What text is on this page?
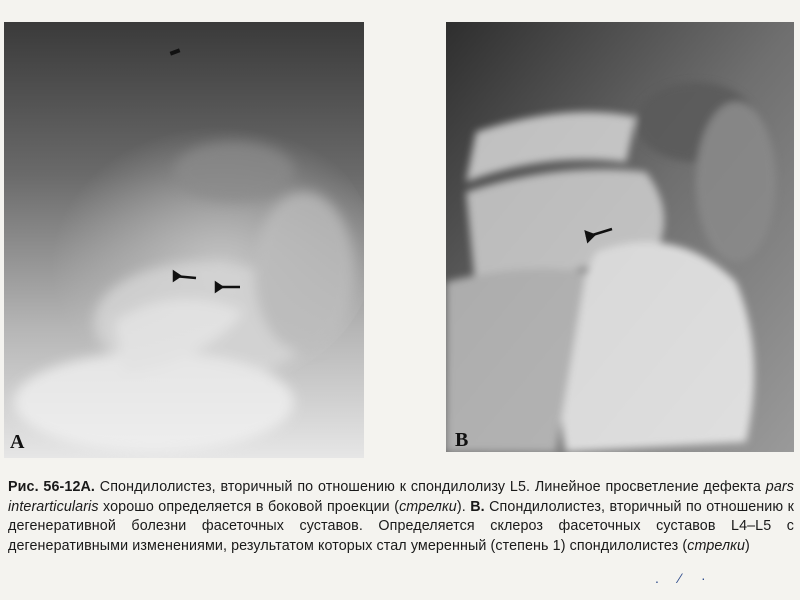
A	B
Рис. 56-12A. Спондилолистез, вторичный по отношению к спондилолизу L5. Линейное просветление дефекта pars interarticularis хорошо определяется в боковой проекции (стрелки). B. Спондилолистез, вторичный по отношению к дегенеративной болезни фасеточных суставов. Определяется склероз фасеточных суставов L4–L5 с дегенеративными изменениями, результатом которых стал умеренный (степень 1) спондилолистез (стрелки)
. ⁄ ·
